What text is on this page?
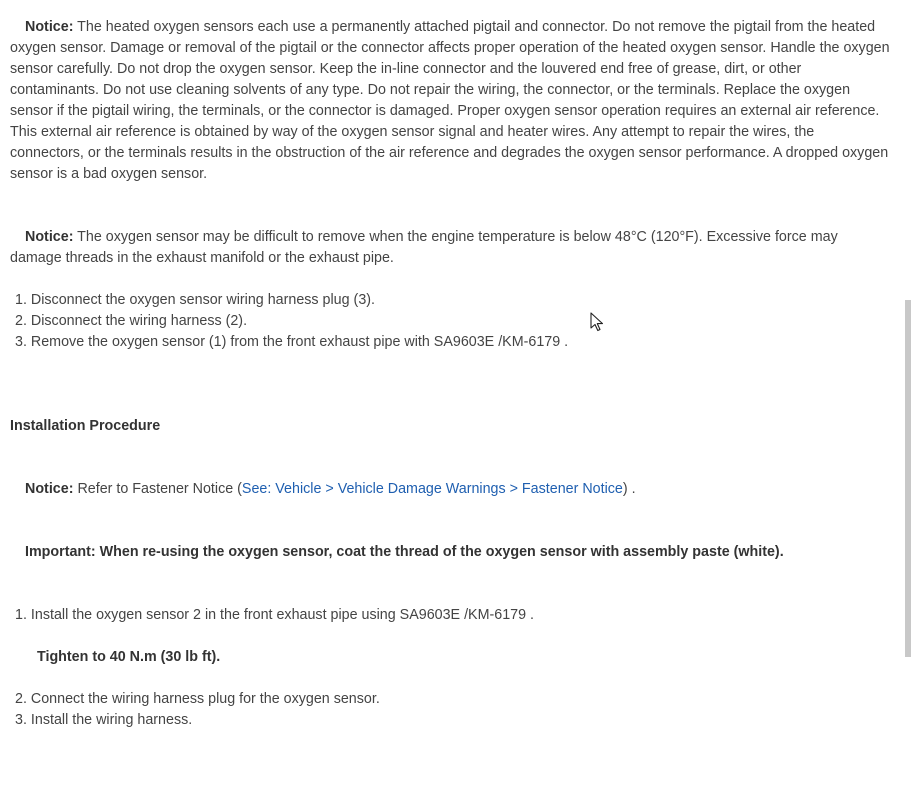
Notice: The heated oxygen sensors each use a permanently attached pigtail and connector. Do not remove the pigtail from the heated oxygen sensor. Damage or removal of the pigtail or the connector affects proper operation of the heated oxygen sensor. Handle the oxygen sensor carefully. Do not drop the oxygen sensor. Keep the in-line connector and the louvered end free of grease, dirt, or other contaminants. Do not use cleaning solvents of any type. Do not repair the wiring, the connector, or the terminals. Replace the oxygen sensor if the pigtail wiring, the terminals, or the connector is damaged. Proper oxygen sensor operation requires an external air reference. This external air reference is obtained by way of the oxygen sensor signal and heater wires. Any attempt to repair the wires, the connectors, or the terminals results in the obstruction of the air reference and degrades the oxygen sensor performance. A dropped oxygen sensor is a bad oxygen sensor.

Notice: The oxygen sensor may be difficult to remove when the engine temperature is below 48°C (120°F). Excessive force may damage threads in the exhaust manifold or the exhaust pipe.

1. Disconnect the oxygen sensor wiring harness plug (3).
2. Disconnect the wiring harness (2).
3. Remove the oxygen sensor (1) from the front exhaust pipe with SA9603E /KM-6179 .

Installation Procedure

Notice: Refer to Fastener Notice (See: Vehicle > Vehicle Damage Warnings > Fastener Notice) .

Important: When re-using the oxygen sensor, coat the thread of the oxygen sensor with assembly paste (white).

1. Install the oxygen sensor 2 in the front exhaust pipe using SA9603E /KM-6179 .

Tighten to 40 N.m (30 lb ft).

2. Connect the wiring harness plug for the oxygen sensor.
3. Install the wiring harness.
